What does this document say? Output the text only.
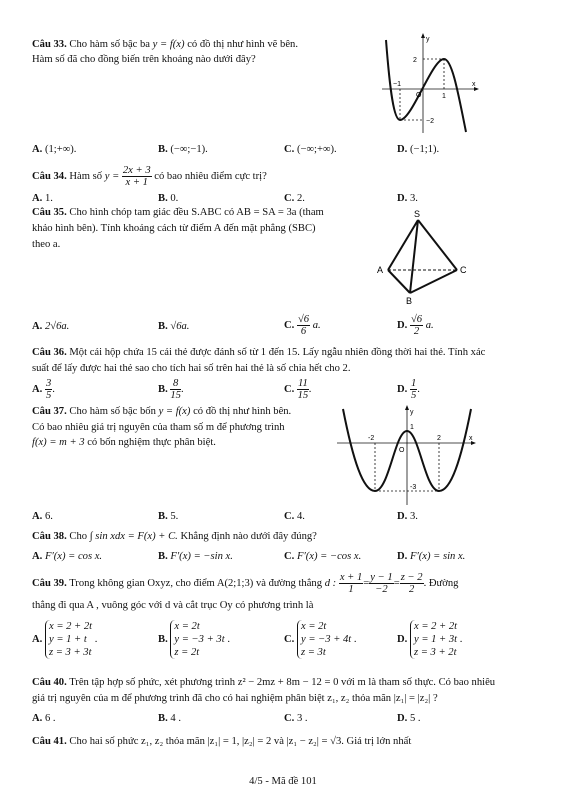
Câu 33. Cho hàm số bậc ba y = f(x) có đồ thị như hình vẽ bên.
Hàm số đã cho đồng biến trên khoảng nào dưới đây?
y
x
O
2
−2
−1
1
A. (1;+∞).	B. (−∞;−1).	C. (−∞;+∞).	D. (−1;1).
Câu 34. Hàm số $y = \frac{2x + 3}{x + 1}$ có bao nhiêu điểm cực trị?
A. 1.	B. 0.	C. 2.	D. 3.
Câu 35. Cho hình chóp tam giác đều S.ABC có AB = SA = 3a (tham
khảo hình bên). Tính khoảng cách từ điểm A đến mặt phẳng (SBC)
theo a.
S
A
B
C
A. 2√6a.	B. √6a.	C. $\frac{√6}{6} a$.	D. $\frac{√6}{2} a$.
Câu 36. Một cái hộp chứa 15 cái thẻ được đánh số từ 1 đến 15. Lấy ngẫu nhiên đồng thời hai thẻ. Tính xác
suất để lấy được hai thẻ sao cho tích hai số trên hai thẻ là số chia hết cho 2.
A. $\frac{3}{5}$ .	B. $\frac{8}{15}$ .	C. $\frac{11}{15}$ .	D. $\frac{1}{5}$ .
Câu 37. Cho hàm số bậc bốn y = f(x) có đồ thị như hình bên.
Có bao nhiêu giá trị nguyên của tham số m để phương trình
f(x) = m + 3 có bốn nghiệm thực phân biệt.
y
x
O
-2	2
1
-3
A. 6.	B. 5.	C. 4.	D. 3.
Câu 38. Cho ∫ sin xdx = F(x) + C. Khẳng định nào dưới đây đúng?
A. F′(x) = cos x.	B. F′(x) = −sin x.	C. F′(x) = −cos x.	D. F′(x) = sin x.
Câu 39. Trong không gian Oxyz, cho điểm A(2;1;3) và đường thẳng d : $\frac{x + 1}{1} = \frac{y - 1}{-2} = \frac{z - 2}{2}$ . Đường
thẳng đi qua A , vuông góc với d và cắt trục Oy có phương trình là
A. x = 2 + 2t
y = 1 + t
z = 3 + 3t .	B. x = 2t
y = −3 + 3t
z = 2t .	C. x = 2t
y = −3 + 4t
z = 3t .	D. x = 2 + 2t
y = 1 + 3t
z = 3 + 2t .
Câu 40. Trên tập hợp số phức, xét phương trình z² − 2mz + 8m − 12 = 0 với m là tham số thực. Có bao nhiêu
giá trị nguyên của m để phương trình đã cho có hai nghiệm phân biệt z₁, z₂ thỏa mãn |z₁| = |z₂| ?
A. 6 .	B. 4 .	C. 3 .	D. 5 .
Câu 41. Cho hai số phức z₁, z₂ thỏa mãn |z₁| = 1, |z₂| = 2 và |z₁ − z₂| = √3. Giá trị lớn nhất
4/5 - Mã đề 101
